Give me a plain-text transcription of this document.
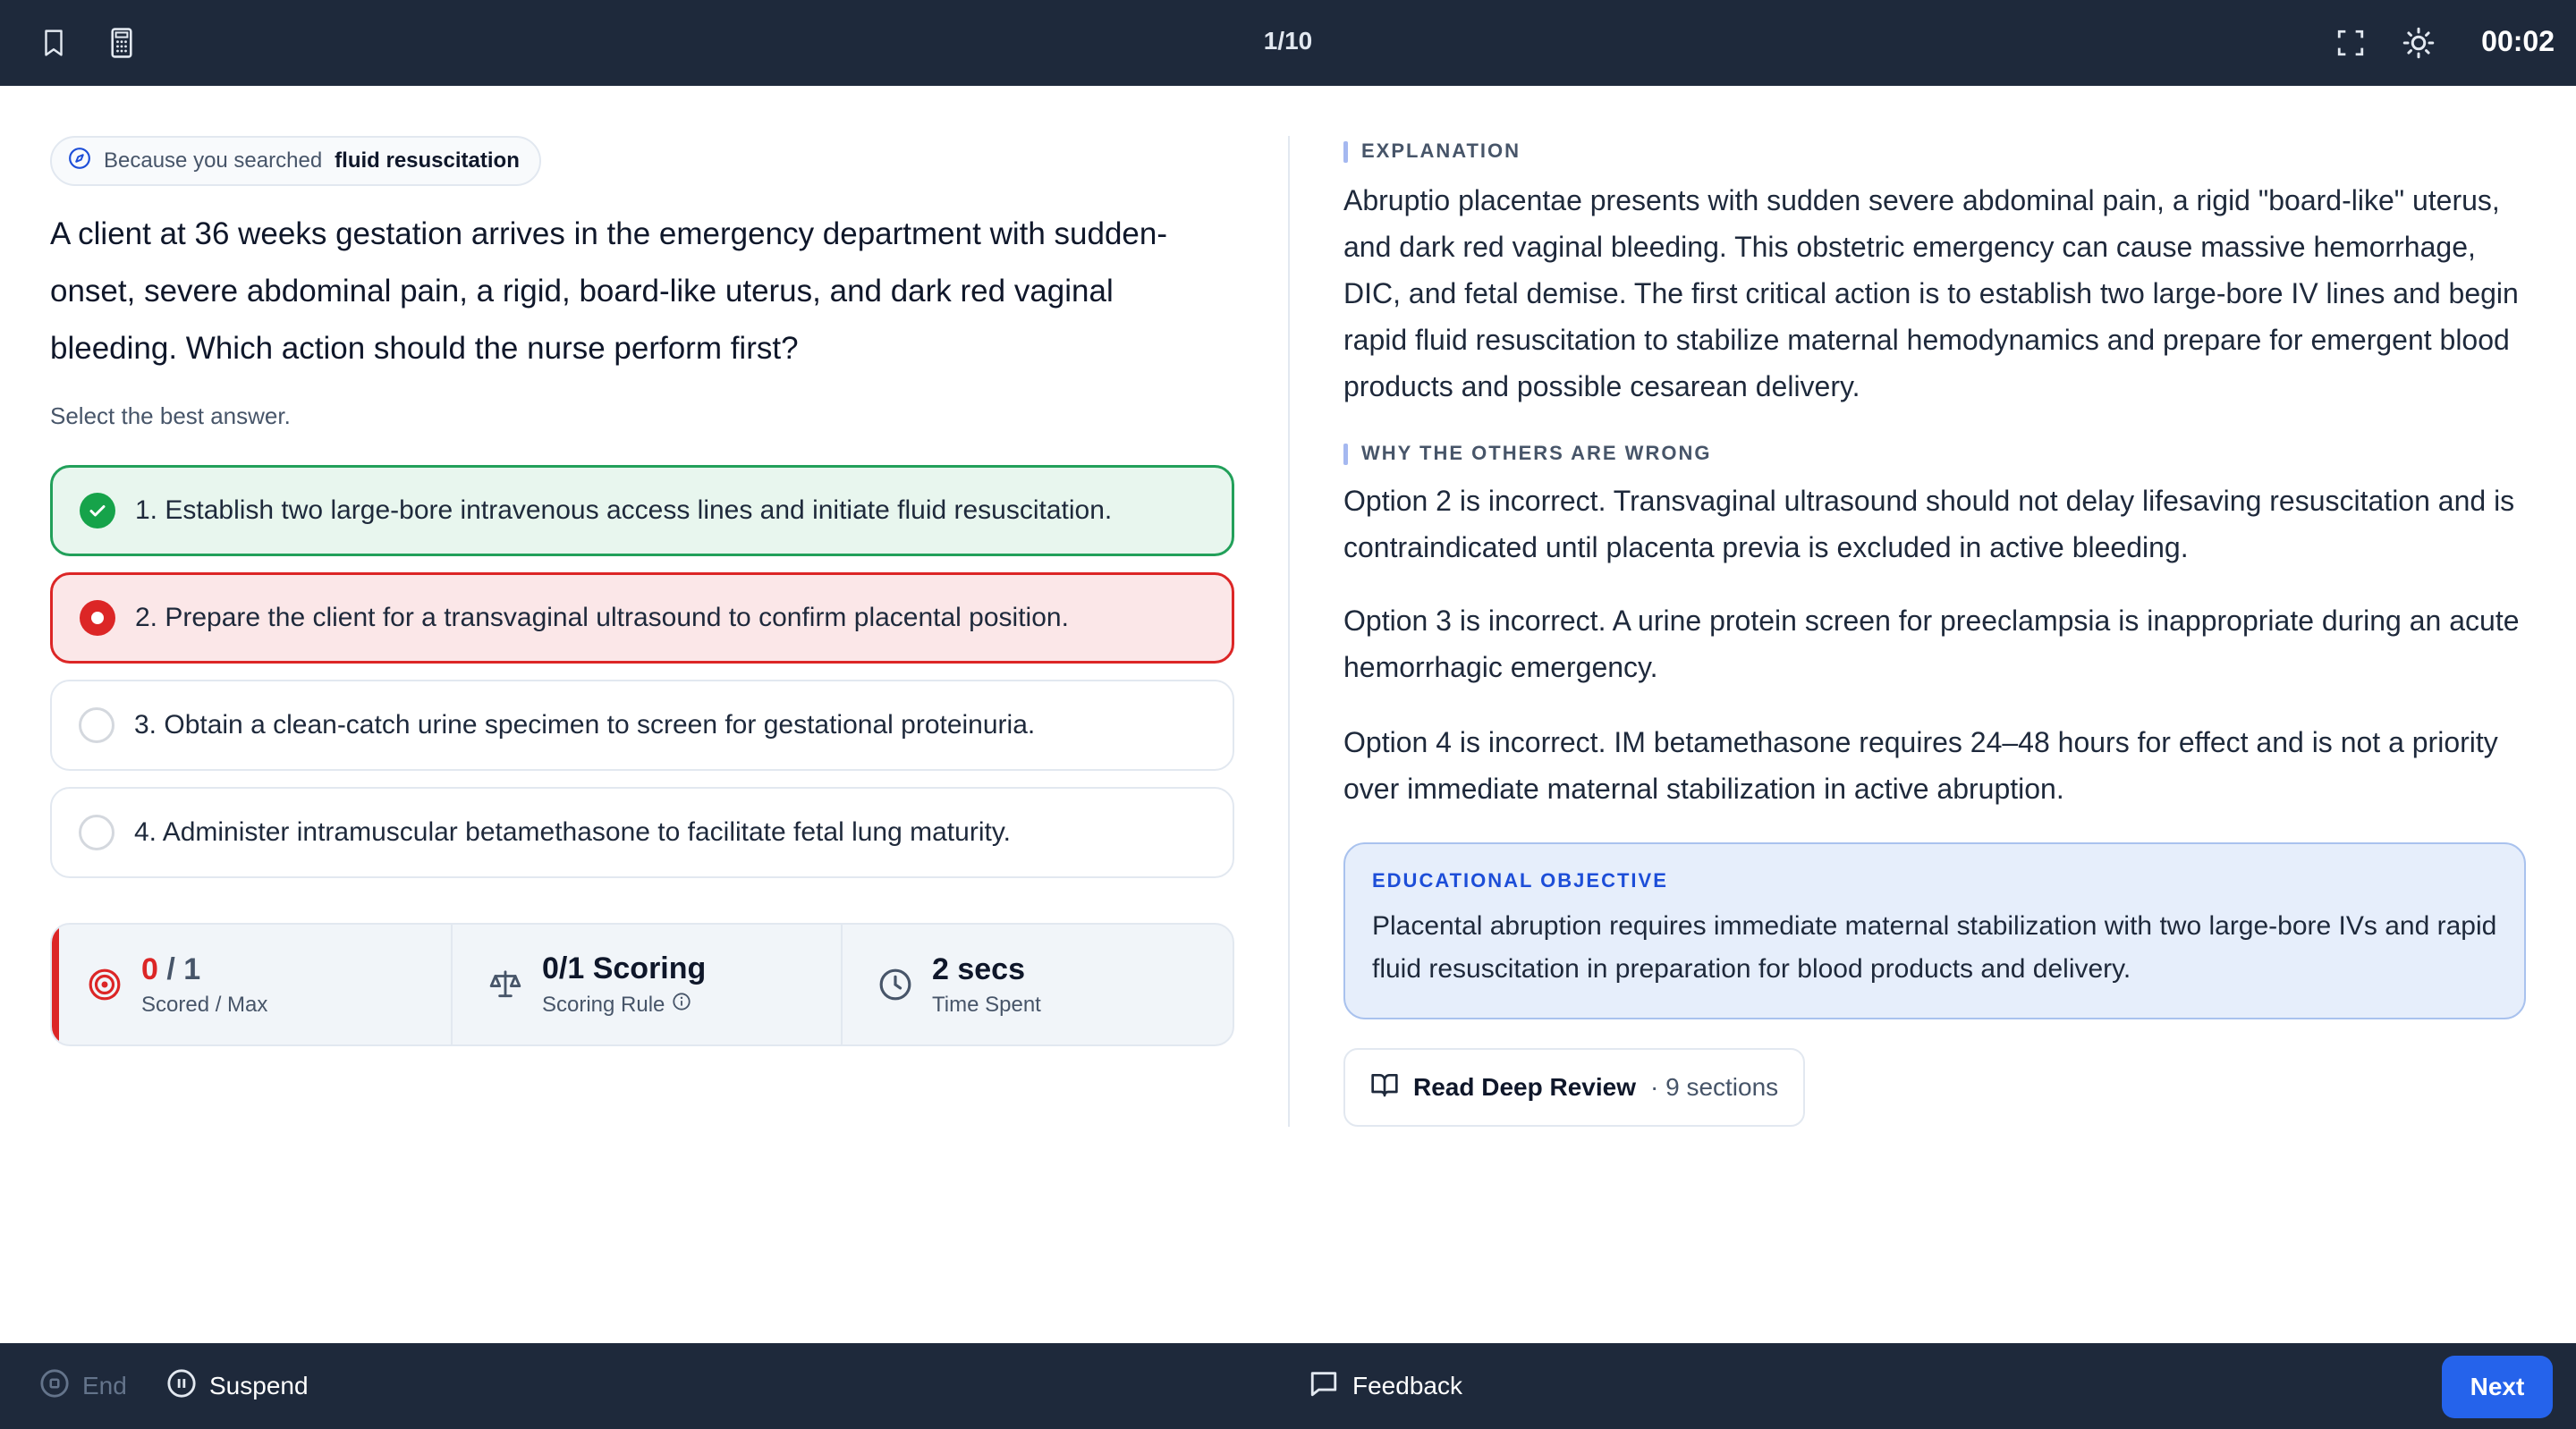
1/10	00:02
Because you searched fluid resuscitation
A client at 36 weeks gestation arrives in the emergency department with sudden-onset, severe abdominal pain, a rigid, board-like uterus, and dark red vaginal bleeding. Which action should the nurse perform first?
Select the best answer.
1. Establish two large-bore intravenous access lines and initiate fluid resuscitation.
2. Prepare the client for a transvaginal ultrasound to confirm placental position.
3. Obtain a clean-catch urine specimen to screen for gestational proteinuria.
4. Administer intramuscular betamethasone to facilitate fetal lung maturity.
0 / 1
Scored / Max
0/1 Scoring
Scoring Rule
2 secs
Time Spent
EXPLANATION
Abruptio placentae presents with sudden severe abdominal pain, a rigid "board-like" uterus, and dark red vaginal bleeding. This obstetric emergency can cause massive hemorrhage, DIC, and fetal demise. The first critical action is to establish two large-bore IV lines and begin rapid fluid resuscitation to stabilize maternal hemodynamics and prepare for emergent blood products and possible cesarean delivery.
WHY THE OTHERS ARE WRONG
Option 2 is incorrect. Transvaginal ultrasound should not delay lifesaving resuscitation and is contraindicated until placenta previa is excluded in active bleeding.
Option 3 is incorrect. A urine protein screen for preeclampsia is inappropriate during an acute hemorrhagic emergency.
Option 4 is incorrect. IM betamethasone requires 24–48 hours for effect and is not a priority over immediate maternal stabilization in active abruption.
EDUCATIONAL OBJECTIVE
Placental abruption requires immediate maternal stabilization with two large-bore IVs and rapid fluid resuscitation in preparation for blood products and delivery.
Read Deep Review · 9 sections
End	Suspend	Feedback	Next
